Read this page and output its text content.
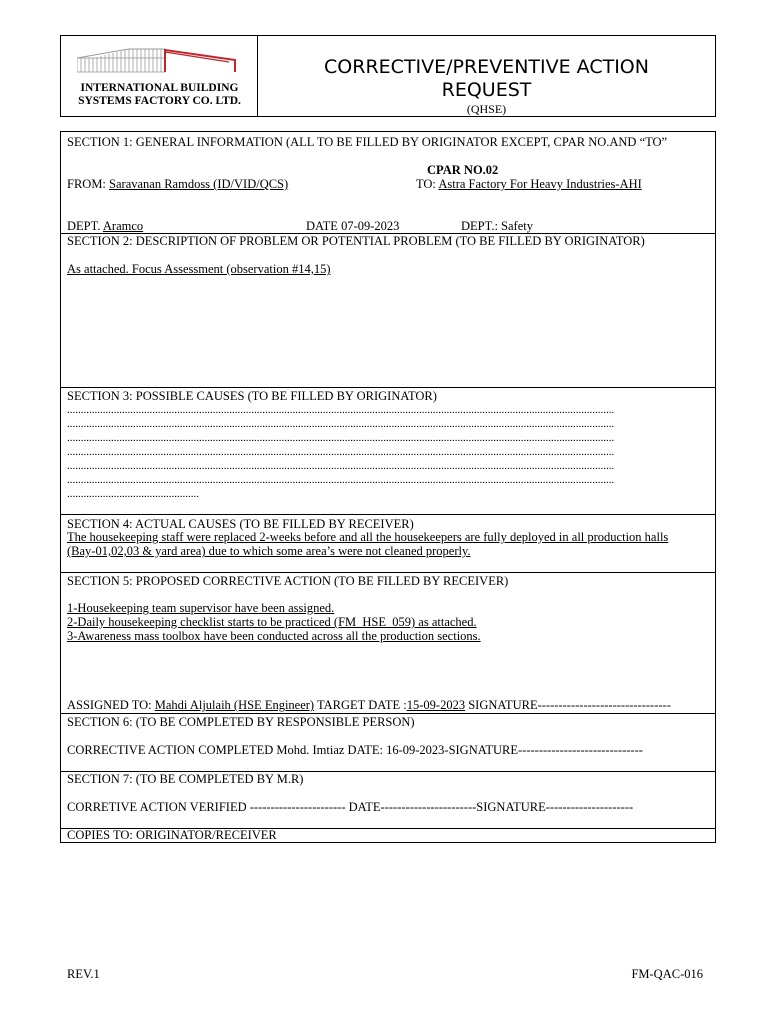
INTERNATIONAL BUILDING
SYSTEMS FACTORY CO. LTD.
CORRECTIVE/PREVENTIVE ACTION
REQUEST
(QHSE)
SECTION 1: GENERAL INFORMATION (ALL TO BE FILLED BY ORIGINATOR EXCEPT, CPAR NO.AND “TO”
CPAR NO.02
FROM: Saravanan Ramdoss (ID/VID/QCS)	TO: Astra Factory For Heavy Industries-AHI
DEPT. Aramco	DATE 07-09-2023	DEPT.: Safety
SECTION 2: DESCRIPTION OF PROBLEM OR POTENTIAL PROBLEM (TO BE FILLED BY ORIGINATOR)
As attached. Focus Assessment (observation #14,15)
SECTION 3: POSSIBLE CAUSES (TO BE FILLED BY ORIGINATOR)
.......................................................................................................................................................................................................
.......................................................................................................................................................................................................
.......................................................................................................................................................................................................
.......................................................................................................................................................................................................
.......................................................................................................................................................................................................
.......................................................................................................................................................................................................
................................................
SECTION 4: ACTUAL CAUSES (TO BE FILLED BY RECEIVER)
The housekeeping staff were replaced 2-weeks before and all the housekeepers are fully deployed in all production halls
(Bay-01,02,03 & yard area) due to which some area’s were not cleaned properly.
SECTION 5: PROPOSED CORRECTIVE ACTION (TO BE FILLED BY RECEIVER)
1-Housekeeping team supervisor have been assigned.
2-Daily housekeeping checklist starts to be practiced (FM_HSE_059) as attached.
3-Awareness mass toolbox have been conducted across all the production sections.
ASSIGNED TO: Mahdi Aljulaih (HSE Engineer) TARGET DATE :15-09-2023 SIGNATURE--------------------------------
SECTION 6: (TO BE COMPLETED BY RESPONSIBLE PERSON)
CORRECTIVE ACTION COMPLETED Mohd. Imtiaz DATE: 16-09-2023-SIGNATURE------------------------------
SECTION 7: (TO BE COMPLETED BY M.R)
CORRETIVE ACTION VERIFIED ----------------------- DATE-----------------------SIGNATURE---------------------
COPIES TO: ORIGINATOR/RECEIVER
REV.1	FM-QAC-016
